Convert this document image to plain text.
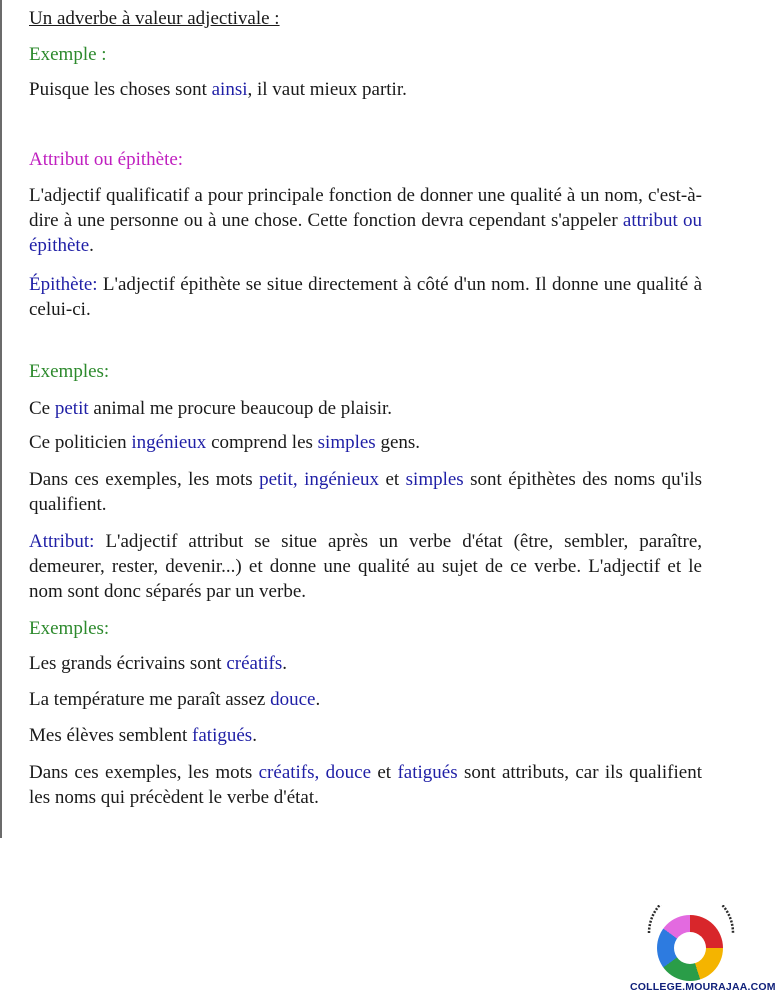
Un adverbe à valeur adjectivale :

Exemple :

Puisque les choses sont ainsi, il vaut mieux partir.

Attribut ou épithète:

L'adjectif qualificatif a pour principale fonction de donner une qualité à un nom, c'est-à-dire à une personne ou à une chose. Cette fonction devra cependant s'appeler attribut ou épithète.

Épithète: L'adjectif épithète se situe directement à côté d'un nom. Il donne une qualité à celui-ci.

Exemples:

Ce petit animal me procure beaucoup de plaisir.

Ce politicien ingénieux comprend les simples gens.

Dans ces exemples, les mots petit, ingénieux et simples sont épithètes des noms qu'ils qualifient.

Attribut: L'adjectif attribut se situe après un verbe d'état (être, sembler, paraître, demeurer, rester, devenir...) et donne une qualité au sujet de ce verbe. L'adjectif et le nom sont donc séparés par un verbe.

Exemples:

Les grands écrivains sont créatifs.

La température me paraît assez douce.

Mes élèves semblent fatigués.

Dans ces exemples, les mots créatifs, douce et fatigués sont attributs, car ils qualifient les noms qui précèdent le verbe d'état.

COLLEGE.MOURAJAA.COM
